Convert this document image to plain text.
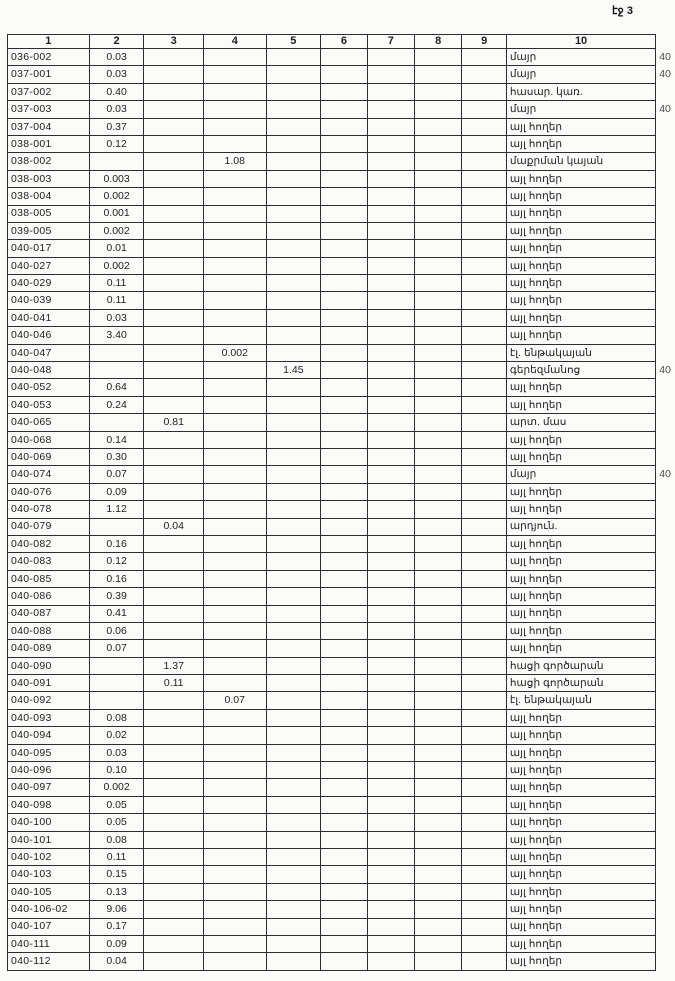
էջ 3
1	2	3	4	5	6	7	8	9	10	
036-002	0.03								մայր	40
037-001	0.03								մայր	40
037-002	0.40								հասար. կառ.	
037-003	0.03								մայր	40
037-004	0.37								այլ հողեր	
038-001	0.12								այլ հողեր	
038-002			1.08						մաքրման կայան	
038-003	0.003								այլ հողեր	
038-004	0.002								այլ հողեր	
038-005	0.001								այլ հողեր	
039-005	0.002								այլ հողեր	
040-017	0.01								այլ հողեր	
040-027	0.002								այլ հողեր	
040-029	0.11								այլ հողեր	
040-039	0.11								այլ հողեր	
040-041	0.03								այլ հողեր	
040-046	3.40								այլ հողեր	
040-047			0.002						էլ. ենթակայան	
040-048				1.45					գերեզմանոց	40
040-052	0.64								այլ հողեր	
040-053	0.24								այլ հողեր	
040-065		0.81							արտ. մաս	
040-068	0.14								այլ հողեր	
040-069	0.30								այլ հողեր	
040-074	0.07								մայր	40
040-076	0.09								այլ հողեր	
040-078	1.12								այլ հողեր	
040-079		0.04							արդյուն.	
040-082	0.16								այլ հողեր	
040-083	0.12								այլ հողեր	
040-085	0.16								այլ հողեր	
040-086	0.39								այլ հողեր	
040-087	0.41								այլ հողեր	
040-088	0.06								այլ հողեր	
040-089	0.07								այլ հողեր	
040-090		1.37							հացի գործարան	
040-091		0.11							հացի գործարան	
040-092			0.07						էլ. ենթակայան	
040-093	0.08								այլ հողեր	
040-094	0.02								այլ հողեր	
040-095	0.03								այլ հողեր	
040-096	0.10								այլ հողեր	
040-097	0.002								այլ հողեր	
040-098	0.05								այլ հողեր	
040-100	0.05								այլ հողեր	
040-101	0.08								այլ հողեր	
040-102	0.11								այլ հողեր	
040-103	0.15								այլ հողեր	
040-105	0.13								այլ հողեր	
040-106-02	9.06								այլ հողեր	
040-107	0.17								այլ հողեր	
040-111	0.09								այլ հողեր	
040-112	0.04								այլ հողեր	
